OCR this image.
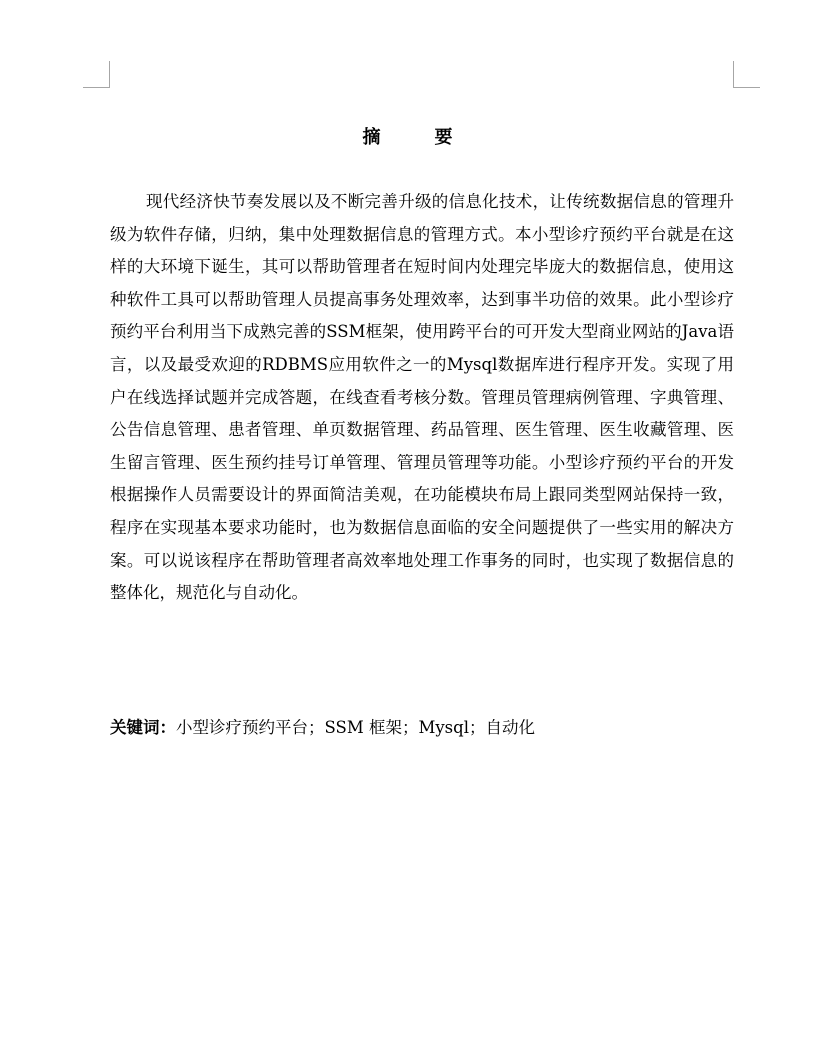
摘　要

现代经济快节奏发展以及不断完善升级的信息化技术，让传统数据信息的管理升级为软件存储，归纳，集中处理数据信息的管理方式。本小型诊疗预约平台就是在这样的大环境下诞生，其可以帮助管理者在短时间内处理完毕庞大的数据信息，使用这种软件工具可以帮助管理人员提高事务处理效率，达到事半功倍的效果。此小型诊疗预约平台利用当下成熟完善的SSM框架，使用跨平台的可开发大型商业网站的Java语言，以及最受欢迎的RDBMS应用软件之一的Mysql数据库进行程序开发。实现了用户在线选择试题并完成答题，在线查看考核分数。管理员管理病例管理、字典管理、公告信息管理、患者管理、单页数据管理、药品管理、医生管理、医生收藏管理、医生留言管理、医生预约挂号订单管理、管理员管理等功能。小型诊疗预约平台的开发根据操作人员需要设计的界面简洁美观，在功能模块布局上跟同类型网站保持一致，程序在实现基本要求功能时，也为数据信息面临的安全问题提供了一些实用的解决方案。可以说该程序在帮助管理者高效率地处理工作事务的同时，也实现了数据信息的整体化，规范化与自动化。

关键词：小型诊疗预约平台；SSM 框架；Mysql；自动化
